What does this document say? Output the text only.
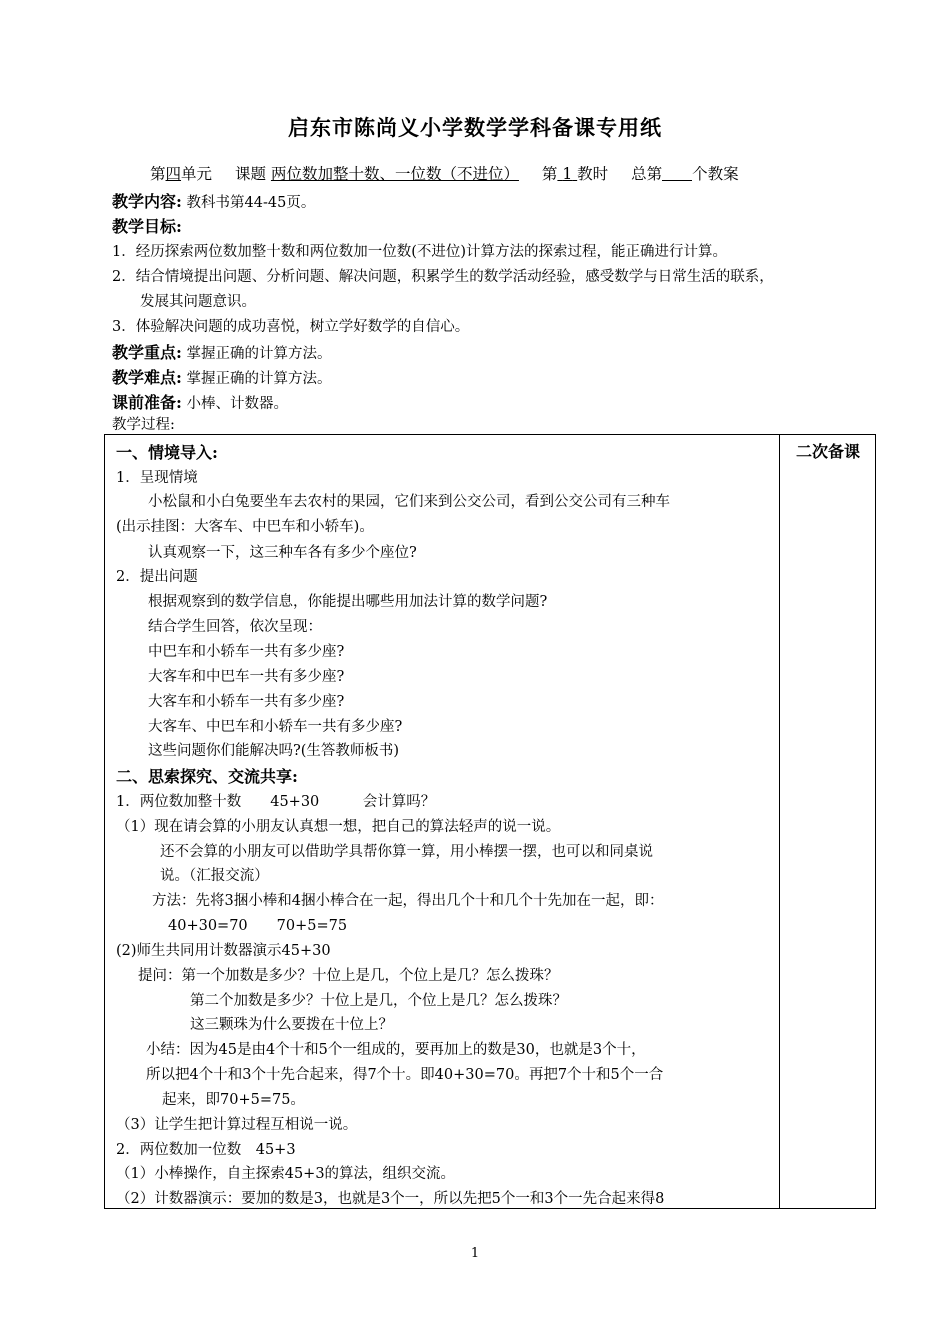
启东市陈尚义小学数学学科备课专用纸
第四单元 课题 两位数加整十数、一位数（不进位） 第 1 教时 总第 个教案
教学内容: 教科书第44-45页。
教学目标:
1．经历探索两位数加整十数和两位数加一位数(不进位)计算方法的探索过程，能正确进行计算。
2．结合情境提出问题、分析问题、解决问题，积累学生的数学活动经验，感受数学与日常生活的联系，
发展其问题意识。
3．体验解决问题的成功喜悦，树立学好数学的自信心。
教学重点: 掌握正确的计算方法。
教学难点: 掌握正确的计算方法。
课前准备: 小棒、计数器。
教学过程:
二次备课
一、情境导入:
1．呈现情境
小松鼠和小白兔要坐车去农村的果园，它们来到公交公司，看到公交公司有三种车
(出示挂图：大客车、中巴车和小轿车)。
认真观察一下，这三种车各有多少个座位?
2．提出问题
根据观察到的数学信息，你能提出哪些用加法计算的数学问题?
结合学生回答，依次呈现：
中巴车和小轿车一共有多少座?
大客车和中巴车一共有多少座?
大客车和小轿车一共有多少座?
大客车、中巴车和小轿车一共有多少座?
这些问题你们能解决吗?(生答教师板书)
二、思索探究、交流共享:
1．两位数加整十数　　45+30　　　会计算吗？
（1）现在请会算的小朋友认真想一想，把自己的算法轻声的说一说。
还不会算的小朋友可以借助学具帮你算一算，用小棒摆一摆，也可以和同桌说
说。（汇报交流）
方法：先将3捆小棒和4捆小棒合在一起，得出几个十和几个十先加在一起，即：
40+30=70　　70+5=75
(2)师生共同用计数器演示45+30
提问：第一个加数是多少？十位上是几，个位上是几？怎么拨珠？
第二个加数是多少？十位上是几，个位上是几？怎么拨珠？
这三颗珠为什么要拨在十位上？
小结：因为45是由4个十和5个一组成的，要再加上的数是30，也就是3个十，
所以把4个十和3个十先合起来，得7个十。即40+30=70。再把7个十和5个一合
起来，即70+5=75。
（3）让学生把计算过程互相说一说。
2．两位数加一位数　45+3
（1）小棒操作，自主探索45+3的算法，组织交流。
（2）计数器演示：要加的数是3，也就是3个一，所以先把5个一和3个一先合起来得8
1
